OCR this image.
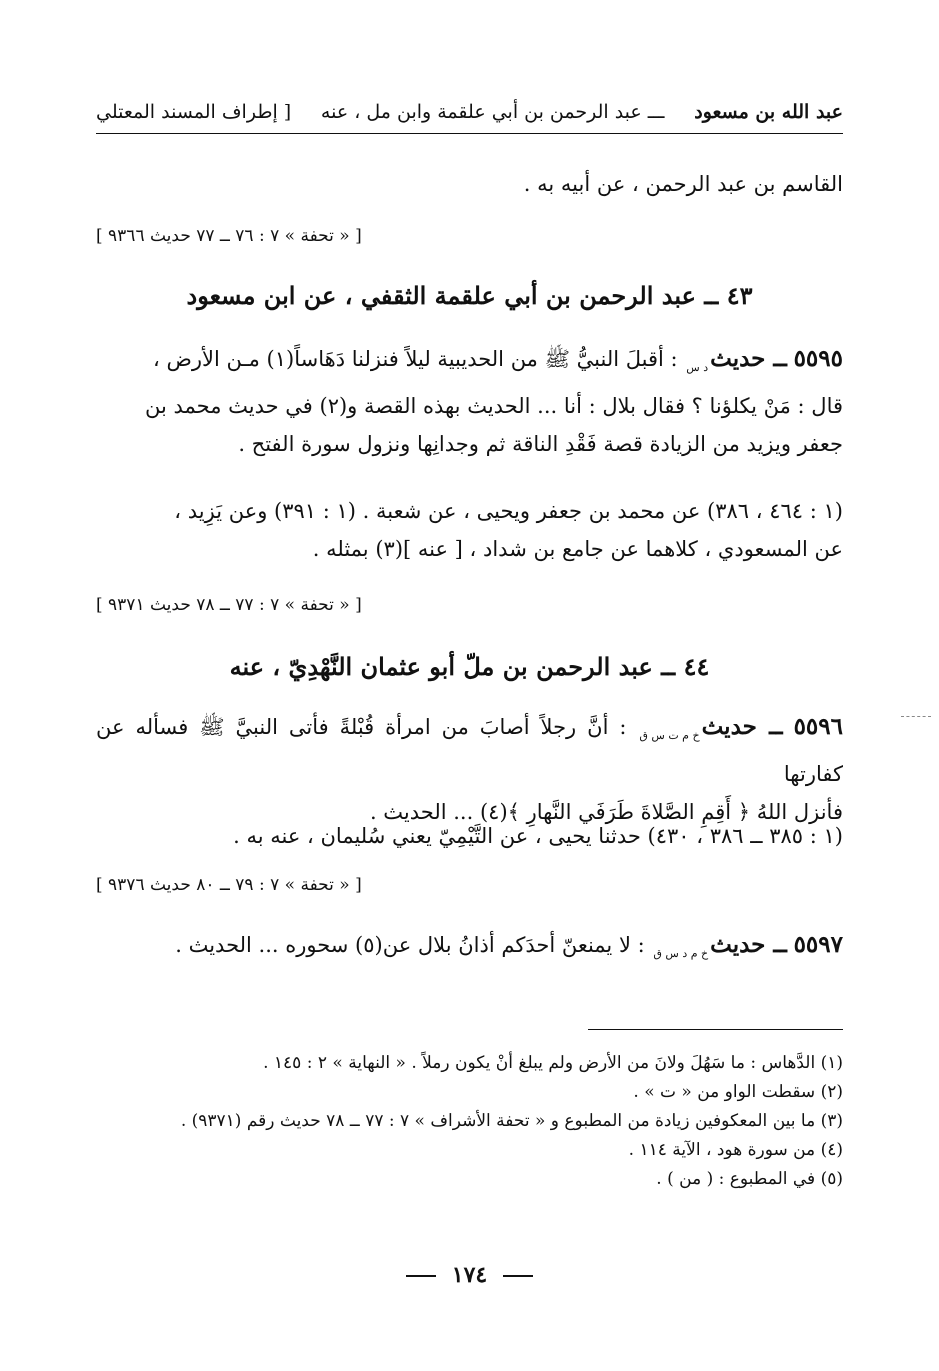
عبد الله بن مسعود
ـــ عبد الرحمن بن أبي علقمة وابن مل ، عنه
[ إطراف المسند المعتلي
القاسم بن عبد الرحمن ، عن أبيه به .
[ « تحفة » ٧ : ٧٦ ــ ٧٧ حديث ٩٣٦٦ ]
٤٣ ــ عبد الرحمن بن أبي علقمة الثقفي ، عن ابن مسعود
٥٥٩٥ ــ حديثد س : أقبلَ النبيُّ ﷺ من الحديبية ليلاً فنزلنا دَهَاساً(١) مـن الأرض ،
قال : مَنْ يكلؤنا ؟ فقال بلال : أنا ... الحديث بهذه القصة و(٢) في حديث محمد بن
جعفر ويزيد من الزيادة قصة فَقْدِ الناقة ثم وجدانِها ونزول سورة الفتح .
(١ : ٤٦٤ ، ٣٨٦) عن محمد بن جعفر ويحيى ، عن شعبة . (١ : ٣٩١) وعن يَزِيد ،
عن المسعودي ، كلاهما عن جامع بن شداد ، [ عنه ](٣) بمثله .
[ « تحفة » ٧ : ٧٧ ــ ٧٨ حديث ٩٣٧١ ]
٤٤ ــ عبد الرحمن بن ملّ أبو عثمان النَّهْدِيّ ، عنه
٥٥٩٦ ــ حديثخ م ت س ق : أنَّ رجلاً أصابَ من امرأة قُبْلةً فأتى النبيَّ ﷺ فسأله عن كفارتها
فأنزل اللهُ ﴿ أَقِمِ الصَّلاةَ طَرَفَي النَّهارِ ﴾(٤) ... الحديث .
(١ : ٣٨٥ ــ ٣٨٦ ، ٤٣٠) حدثنا يحيى ، عن التَّيْمِيّ يعني سُليمان ، عنه به .
[ « تحفة » ٧ : ٧٩ ــ ٨٠ حديث ٩٣٧٦ ]
٥٥٩٧ ــ حديثخ م د س ق : لا يمنعنّ أحدَكم أذانُ بلال عن(٥) سحوره ... الحديث .
(١) الدَّهاس : ما سَهُلَ ولانَ من الأرض ولم يبلغ أنْ يكون رملاً . « النهاية » ٢ : ١٤٥ .
(٢) سقطت الواو من « ت » .
(٣) ما بين المعكوفين زيادة من المطبوع و « تحفة الأشراف » ٧ : ٧٧ ــ ٧٨ حديث رقم (٩٣٧١) .
(٤) من سورة هود ، الآية ١١٤ .
(٥) في المطبوع : ( من ) .
١٧٤
